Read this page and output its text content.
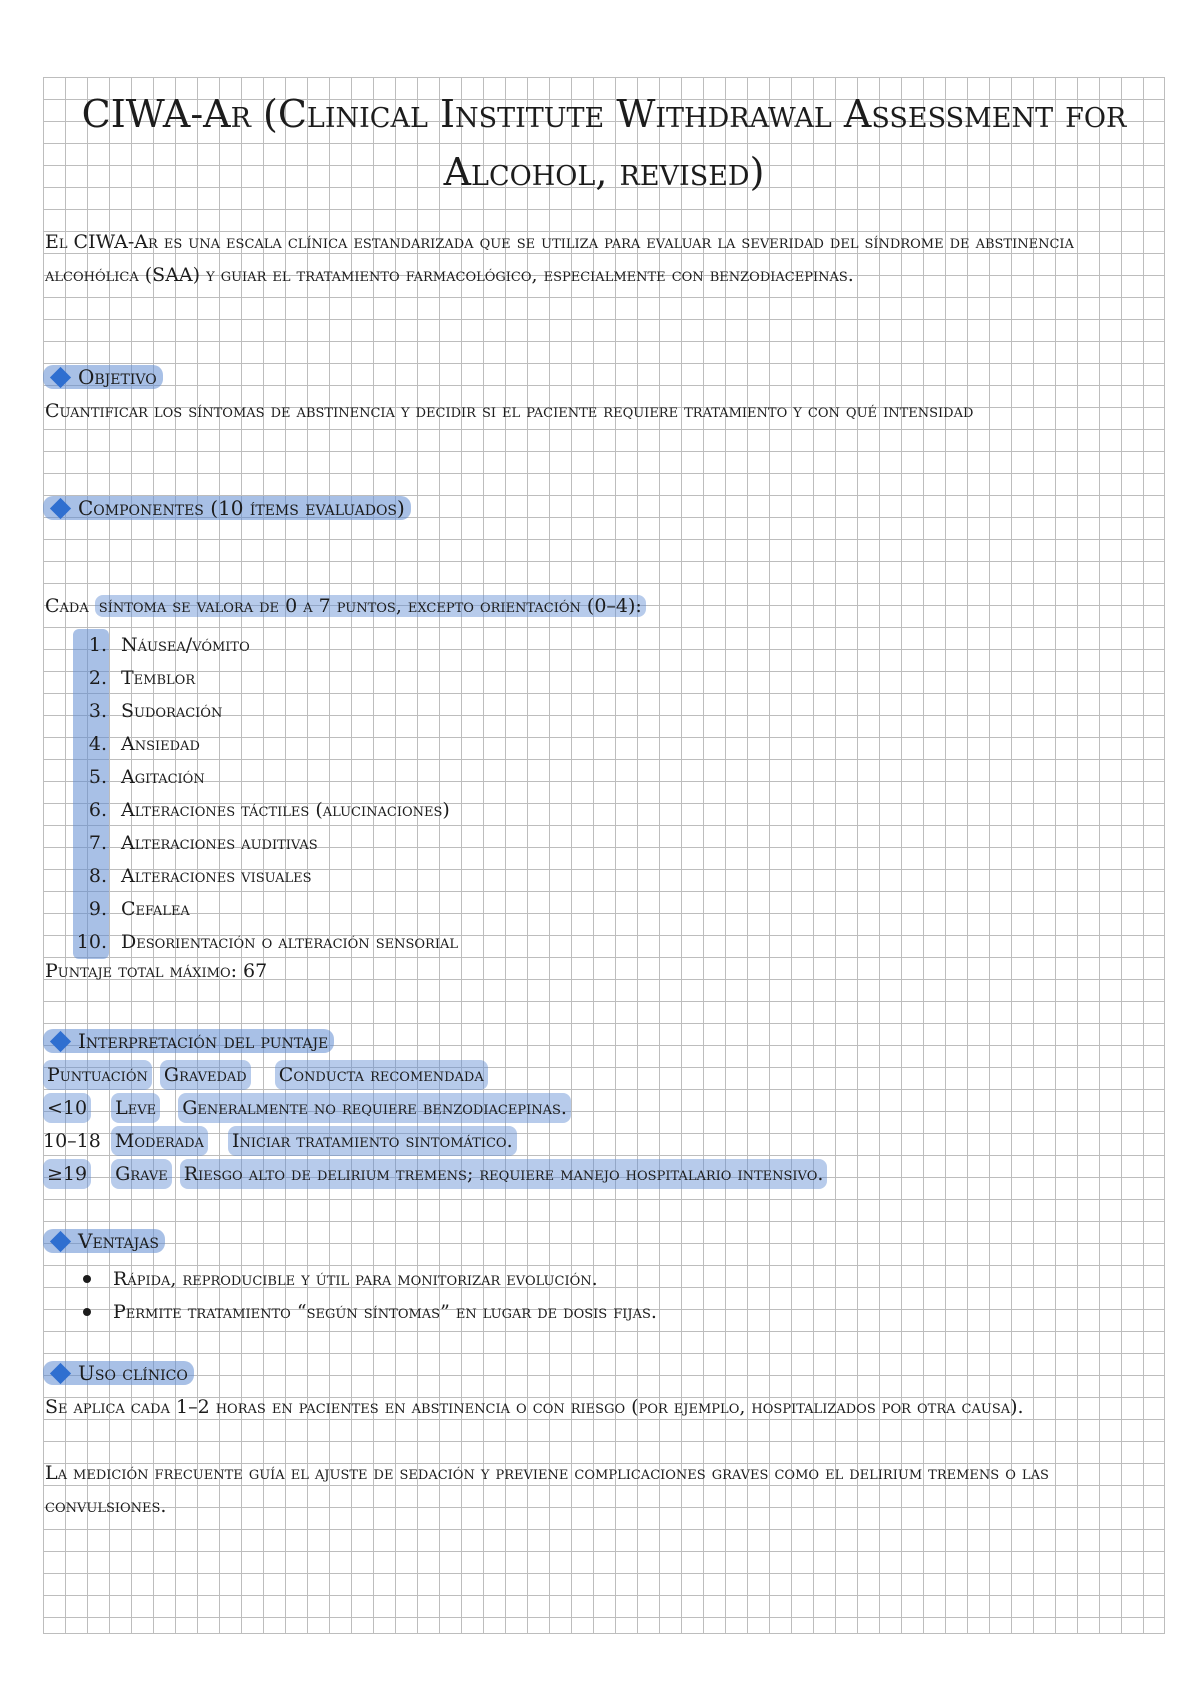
CIWA-Ar (Clinical Institute Withdrawal Assessment for Alcohol, revised)
El CIWA-Ar es una escala clínica estandarizada que se utiliza para evaluar la severidad del síndrome de abstinencia alcohólica (SAA) y guiar el tratamiento farmacológico, especialmente con benzodiacepinas.
Objetivo
Cuantificar los síntomas de abstinencia y decidir si el paciente requiere tratamiento y con qué intensidad
Componentes (10 ítems evaluados)
Cada síntoma se valora de 0 a 7 puntos, excepto orientación (0–4):
1. Náusea/vómito
2. Temblor
3. Sudoración
4. Ansiedad
5. Agitación
6. Alteraciones táctiles (alucinaciones)
7. Alteraciones auditivas
8. Alteraciones visuales
9. Cefalea
10. Desorientación o alteración sensorial
Puntaje total máximo: 67
Interpretación del puntaje
Puntuación Gravedad Conducta recomendada
<10 Leve Generalmente no requiere benzodiacepinas.
10–18 Moderada Iniciar tratamiento sintomático.
≥19 Grave Riesgo alto de delirium tremens; requiere manejo hospitalario intensivo.
Ventajas
Rápida, reproducible y útil para monitorizar evolución.
Permite tratamiento “según síntomas” en lugar de dosis fijas.
Uso clínico
Se aplica cada 1–2 horas en pacientes en abstinencia o con riesgo (por ejemplo, hospitalizados por otra causa).
La medición frecuente guía el ajuste de sedación y previene complicaciones graves como el delirium tremens o las convulsiones.
